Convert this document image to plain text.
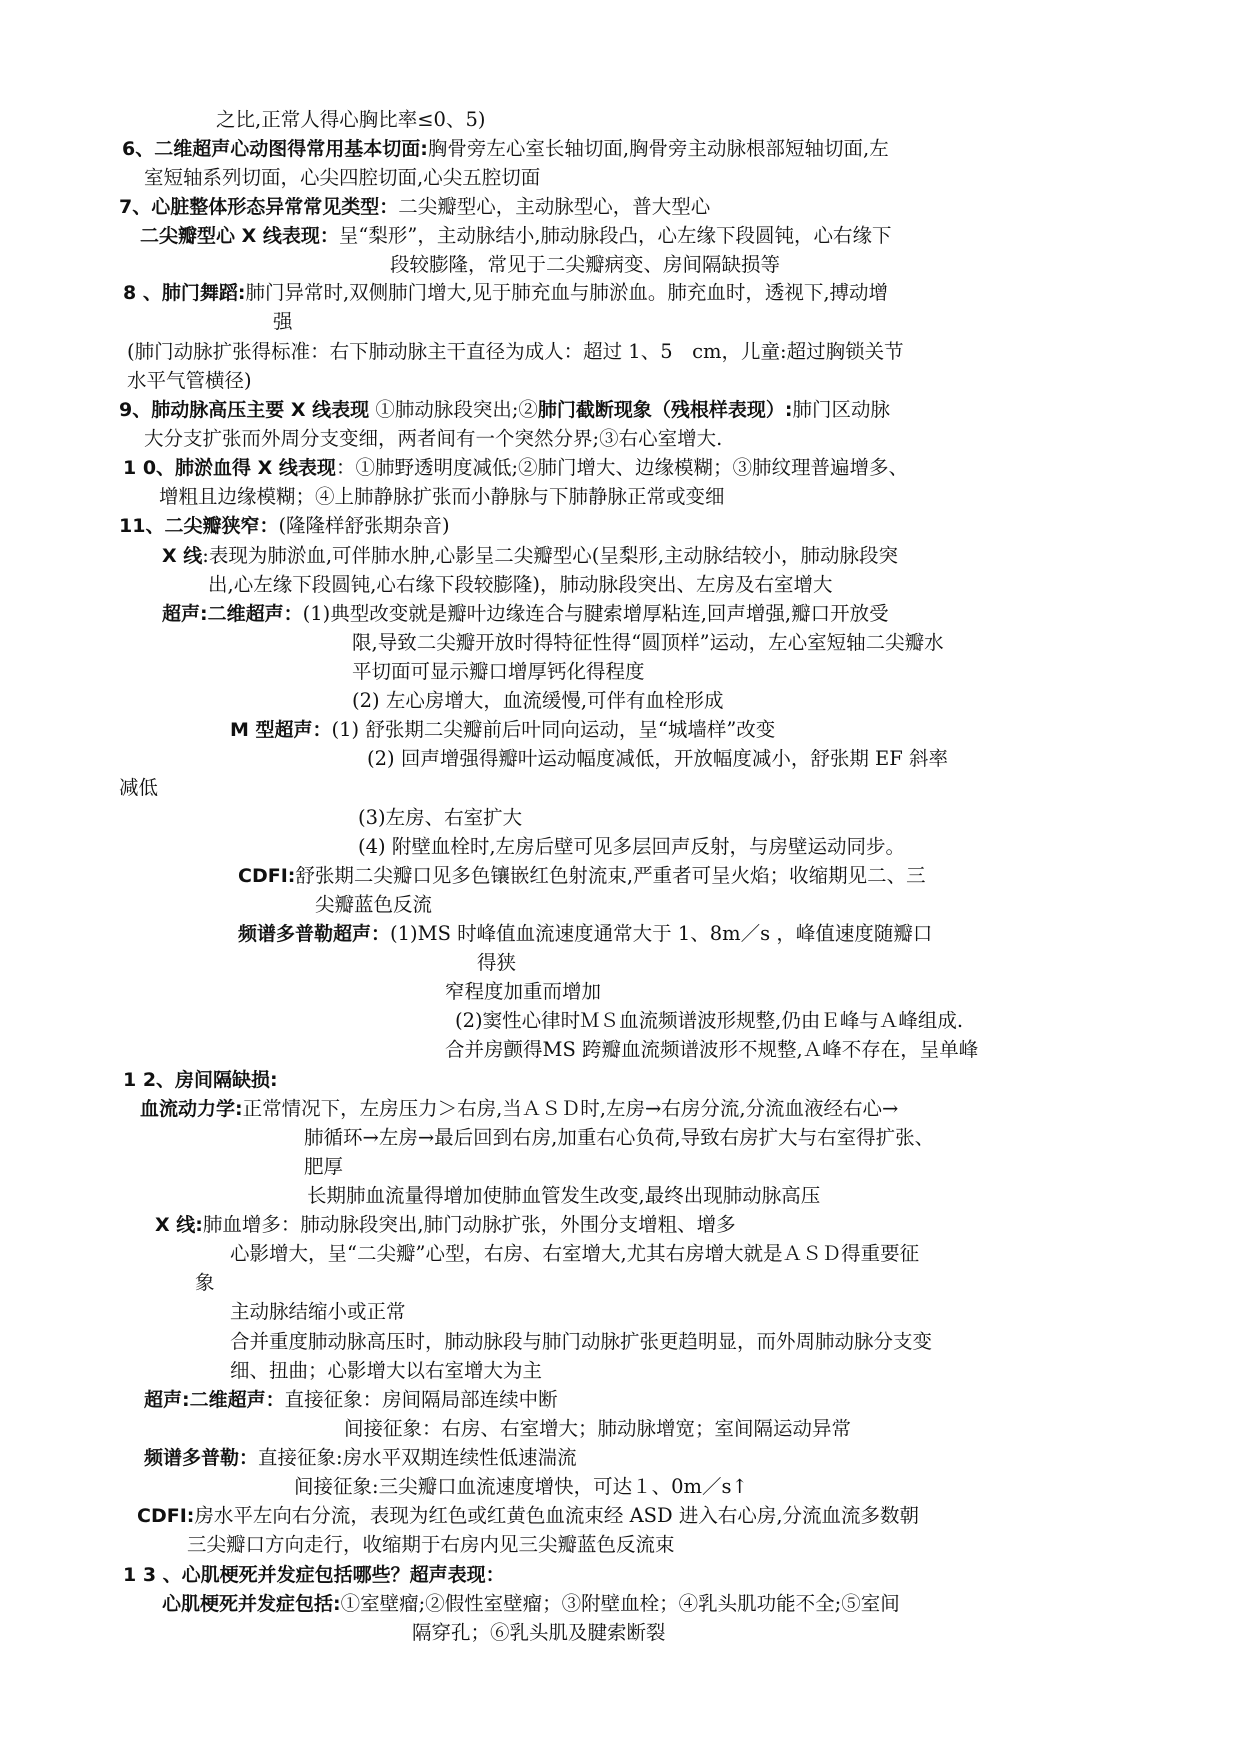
之比,正常人得心胸比率≤0、5)
6、二维超声心动图得常用基本切面:胸骨旁左心室长轴切面,胸骨旁主动脉根部短轴切面,左
室短轴系列切面，心尖四腔切面,心尖五腔切面
7、心脏整体形态异常常见类型：二尖瓣型心，主动脉型心，普大型心
二尖瓣型心 X 线表现：呈“梨形”，主动脉结小,肺动脉段凸，心左缘下段圆钝，心右缘下
段较膨隆，常见于二尖瓣病变、房间隔缺损等
8 、肺门舞蹈:肺门异常时,双侧肺门增大,见于肺充血与肺淤血。肺充血时，透视下,搏动增
强
(肺门动脉扩张得标准：右下肺动脉主干直径为成人：超过 1、5　cm，儿童:超过胸锁关节
水平气管横径)
9、肺动脉高压主要 X 线表现 ①肺动脉段突出;②肺门截断现象（残根样表现）:肺门区动脉
大分支扩张而外周分支变细，两者间有一个突然分界;③右心室增大.
1 0、肺淤血得 X 线表现：①肺野透明度减低;②肺门增大、边缘模糊；③肺纹理普遍增多、
增粗且边缘模糊；④上肺静脉扩张而小静脉与下肺静脉正常或变细
11、二尖瓣狭窄：(隆隆样舒张期杂音)
X 线:表现为肺淤血,可伴肺水肿,心影呈二尖瓣型心(呈梨形,主动脉结较小，肺动脉段突
出,心左缘下段圆钝,心右缘下段较膨隆)，肺动脉段突出、左房及右室增大
超声:二维超声：(1)典型改变就是瓣叶边缘连合与腱索增厚粘连,回声增强,瓣口开放受
限,导致二尖瓣开放时得特征性得“圆顶样”运动，左心室短轴二尖瓣水
平切面可显示瓣口增厚钙化得程度
(2) 左心房增大，血流缓慢,可伴有血栓形成
M 型超声：(1) 舒张期二尖瓣前后叶同向运动，呈“城墙样”改变
(2) 回声增强得瓣叶运动幅度减低，开放幅度减小，舒张期 EF 斜率
减低
(3)左房、右室扩大
(4) 附壁血栓时,左房后壁可见多层回声反射，与房壁运动同步。
CDFI:舒张期二尖瓣口见多色镶嵌红色射流束,严重者可呈火焰；收缩期见二、三
尖瓣蓝色反流
频谱多普勒超声：(1)MS 时峰值血流速度通常大于 1、8m／s ，峰值速度随瓣口
得狭
窄程度加重而增加
(2)窦性心律时ＭＳ血流频谱波形规整,仍由Ｅ峰与Ａ峰组成.
合并房颤得MS 跨瓣血流频谱波形不规整,Ａ峰不存在，呈单峰
1 2、房间隔缺损:
血流动力学:正常情况下，左房压力＞右房,当ＡＳＤ时,左房→右房分流,分流血液经右心→
肺循环→左房→最后回到右房,加重右心负荷,导致右房扩大与右室得扩张、
肥厚
长期肺血流量得增加使肺血管发生改变,最终出现肺动脉高压
X 线:肺血增多：肺动脉段突出,肺门动脉扩张，外围分支增粗、增多
心影增大，呈“二尖瓣”心型，右房、右室增大,尤其右房增大就是ＡＳＤ得重要征
象
主动脉结缩小或正常
合并重度肺动脉高压时，肺动脉段与肺门动脉扩张更趋明显，而外周肺动脉分支变
细、扭曲；心影增大以右室增大为主
超声:二维超声：直接征象：房间隔局部连续中断
间接征象：右房、右室增大；肺动脉增宽；室间隔运动异常
频谱多普勒：直接征象:房水平双期连续性低速湍流
间接征象:三尖瓣口血流速度增快，可达１、0m／s↑
CDFI:房水平左向右分流，表现为红色或红黄色血流束经 ASD 进入右心房,分流血流多数朝
三尖瓣口方向走行，收缩期于右房内见三尖瓣蓝色反流束
1 3 、心肌梗死并发症包括哪些？超声表现：
心肌梗死并发症包括:①室壁瘤;②假性室壁瘤；③附壁血栓；④乳头肌功能不全;⑤室间
隔穿孔；⑥乳头肌及腱索断裂
